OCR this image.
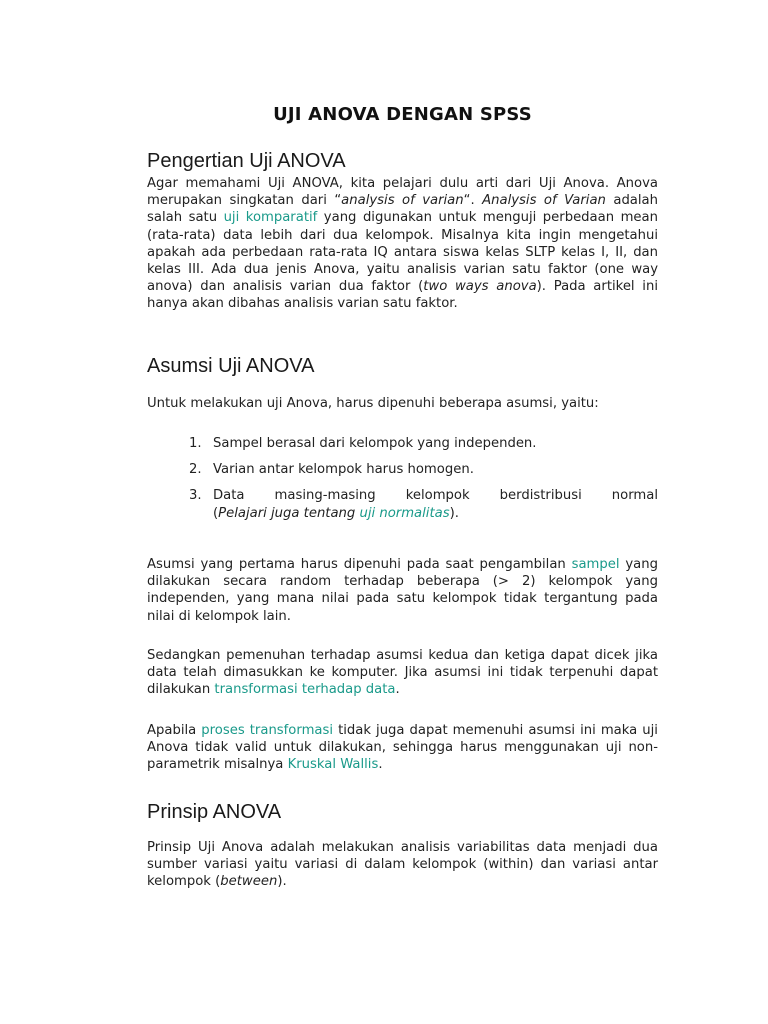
UJI ANOVA DENGAN SPSS
Pengertian Uji ANOVA

Agar memahami Uji ANOVA, kita pelajari dulu arti dari Uji Anova. Anova merupakan singkatan dari “analysis of varian“. Analysis of Varian adalah salah satu uji komparatif yang digunakan untuk menguji perbedaan mean (rata-rata) data lebih dari dua kelompok. Misalnya kita ingin mengetahui apakah ada perbedaan rata-rata IQ antara siswa kelas SLTP kelas I, II, dan kelas III. Ada dua jenis Anova, yaitu analisis varian satu faktor (one way anova) dan analisis varian dua faktor (two ways anova). Pada artikel ini hanya akan dibahas analisis varian satu faktor.

Asumsi Uji ANOVA

Untuk melakukan uji Anova, harus dipenuhi beberapa asumsi, yaitu:

1. Sampel berasal dari kelompok yang independen.
2. Varian antar kelompok harus homogen.
3. Data masing-masing kelompok berdistribusi normal
(Pelajari juga tentang uji normalitas).

Asumsi yang pertama harus dipenuhi pada saat pengambilan sampel yang dilakukan secara random terhadap beberapa (> 2) kelompok yang independen, yang mana nilai pada satu kelompok tidak tergantung pada nilai di kelompok lain.

Sedangkan pemenuhan terhadap asumsi kedua dan ketiga dapat dicek jika data telah dimasukkan ke komputer. Jika asumsi ini tidak terpenuhi dapat dilakukan transformasi terhadap data.

Apabila proses transformasi tidak juga dapat memenuhi asumsi ini maka uji Anova tidak valid untuk dilakukan, sehingga harus menggunakan uji non-parametrik misalnya Kruskal Wallis.

Prinsip ANOVA

Prinsip Uji Anova adalah melakukan analisis variabilitas data menjadi dua sumber variasi yaitu variasi di dalam kelompok (within) dan variasi antar kelompok (between).
